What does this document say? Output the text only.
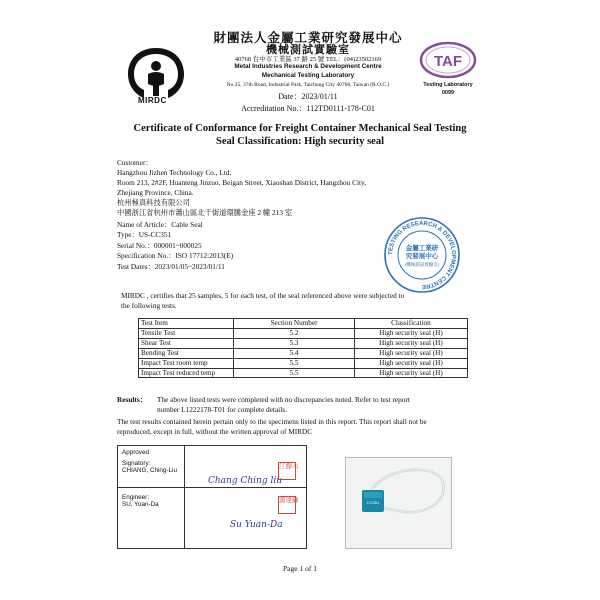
MIRDC
財團法人金屬工業研究發展中心
機械測試實驗室
40768 台中市工業區 37 路 25 號 TEL：(04)23502169
Metal Industries Research & Development Centre
Mechanical Testing Laboratory
No.25, 37th Road, Industrial Park, Taichung City 40768, Taiwan (R.O.C.)
Date：2023/01/11
Accreditation No.：112TD0111-178-C01
TAF
Testing Laboratory
0099
Certificate of Conformance for Freight Container Mechanical Seal Testing
Seal Classification: High security seal
Customer：
Hangzhou Jizhen Technology Co., Ltd.
Room 213, 2#2F, Huanteng Jinzuo, Beigan Street, Xiaoshan District, Hangzhou City,
Zhejiang Province, China.
杭州極真科技有限公司
中國浙江省杭州市蕭山區北干街道環騰金座 2 幢 213 室
Name of Article：Cable Seal
Type：US-CC351
Serial No.：000001~000025
Specification No.：ISO 17712:2013(E)
Test Dates：2023/01/05~2023/01/11
TESTING RESEARCH & DEVELOPMENT CENTRE
金屬工業研
究發展中心
(機械測試實驗室)
MIRDC , certifies that 25 samples, 5 for each test, of the seal referenced above were subjected to
the following tests.
Test Item	Section Number	Classification
Tensile Test	5.2	High security seal (H)
Shear Test	5.3	High security seal (H)
Bending Test	5.4	High security seal (H)
Impact Test room temp	5.5	High security seal (H)
Impact Test reduced temp	5.5	High security seal (H)
Results： The above listed tests were completed with no discrepancies noted. Refer to test report
number L1222178-T01 for complete details.
The test results contained herein pertain only to the specimens listed in this report. This report shall not be
reproduced, except in full, without the written approval of MIRDC
Approved
Signatory：
CHIANG, Ching-Liu
Chang Ching liu
江靜六
Engineer：
SU, Yuan-Da
Su Yuan-Da
源達蘇	CC351
Page 1 of 1
